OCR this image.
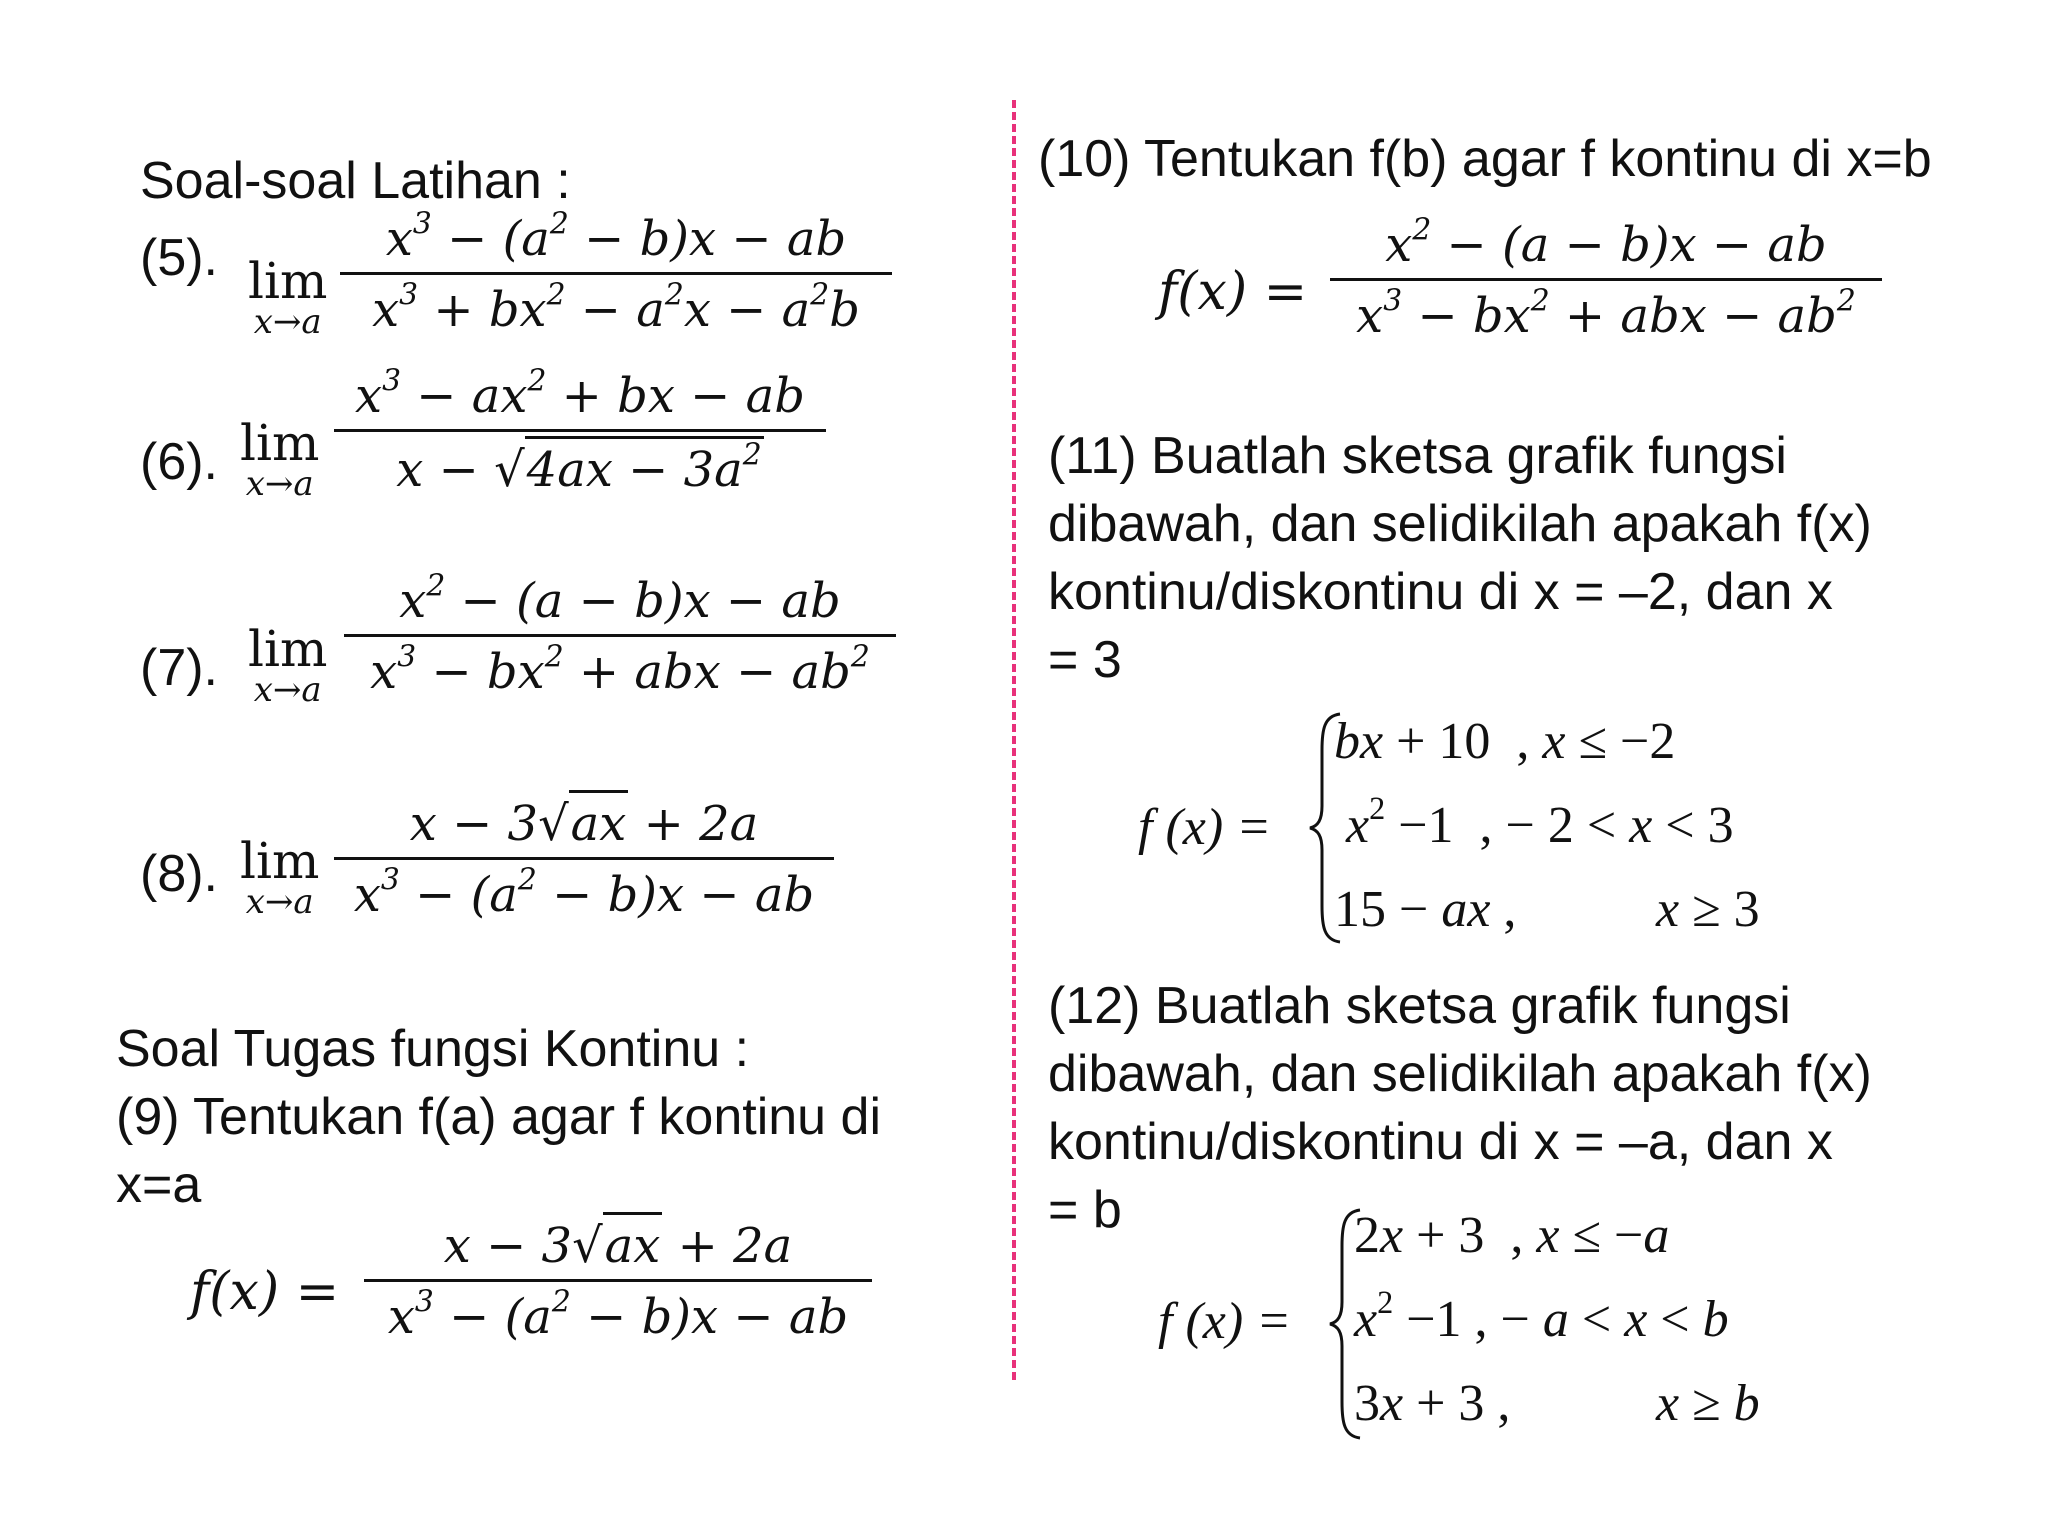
Soal-soal Latihan :
(5). lim
x→a
$x^3 - (a^2 - b)x$ − ab
$x^3 + bx^2 - a^2x - a^2b$
(6). lim
x→a
$x^3 - ax^2$ + bx − ab
$x - √4ax - 3a^2$
(7). lim
x→a
$x^2 - (a - b)x$ − ab
$x^3 - bx^2$ + abx − $ab^2$
(8). lim
x→a
x − 3√ax + 2a
$x^3 - (a^2 - b)x$ − ab
Soal Tugas fungsi Kontinu :
(9) Tentukan f(a) agar f kontinu di
x=a
f(x) =
x − 3√ax + 2a
$x^3 - (a^2 - b)x$ − ab
(10) Tentukan f(b) agar f kontinu di x=b
f(x) =
$x^2 - (a - b)x$ − ab
$x^3 - bx^2$ + abx − $ab^2$
(11) Buatlah sketsa grafik fungsi
dibawah, dan selidikilah apakah f(x)
kontinu/diskontinu di x = –2, dan x
= 3
f (x) =
bx + 10  , x ≤ −2
$x^2 -1$  , − 2 < x < 3
15 − ax ,	x ≥ 3
(12) Buatlah sketsa grafik fungsi
dibawah, dan selidikilah apakah f(x)
kontinu/diskontinu di x = –a, dan x
= b
f (x) =
2x + 3  , x ≤ −a
$x^2 -1$ , − a < x < b
3x + 3 ,	x ≥ b
